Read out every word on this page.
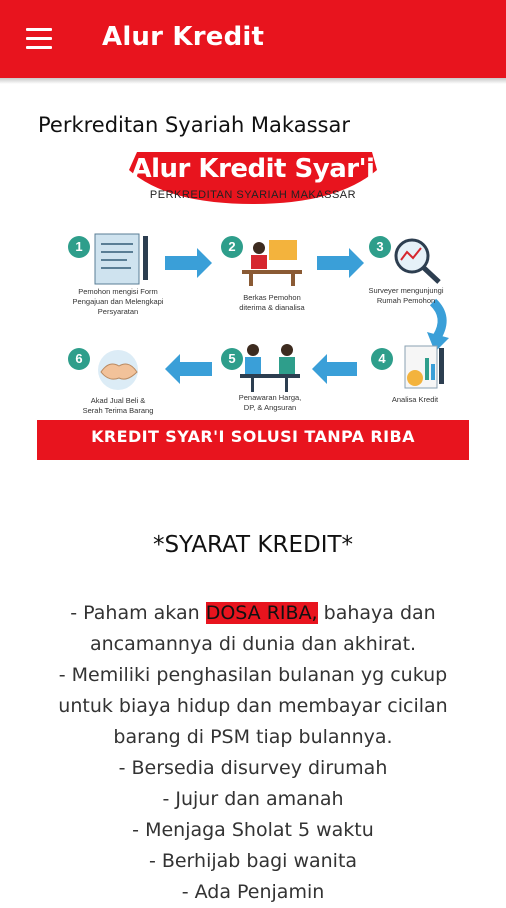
Alur Kredit
Perkreditan Syariah Makassar
Alur Kredit Syar'i
PERKREDITAN SYARIAH MAKASSAR
1	2	3
4
5
6
Pemohon mengisi Form
Pengajuan dan Melengkapi
Persyaratan
Berkas Pemohon
diterima & dianalisa
Surveyer mengunjungi
Rumah Pemohon
Analisa Kredit
Penawaran Harga,
DP, & Angsuran
Akad Jual Beli &
Serah Terima Barang
KREDIT SYAR'I SOLUSI TANPA RIBA
*SYARAT KREDIT*

- Paham akan DOSA RIBA, bahaya dan

ancamannya di dunia dan akhirat.

- Memiliki penghasilan bulanan yg cukup

untuk biaya hidup dan membayar cicilan

barang di PSM tiap bulannya.

- Bersedia disurvey dirumah

- Jujur dan amanah

- Menjaga Sholat 5 waktu

- Berhijab bagi wanita

- Ada Penjamin
